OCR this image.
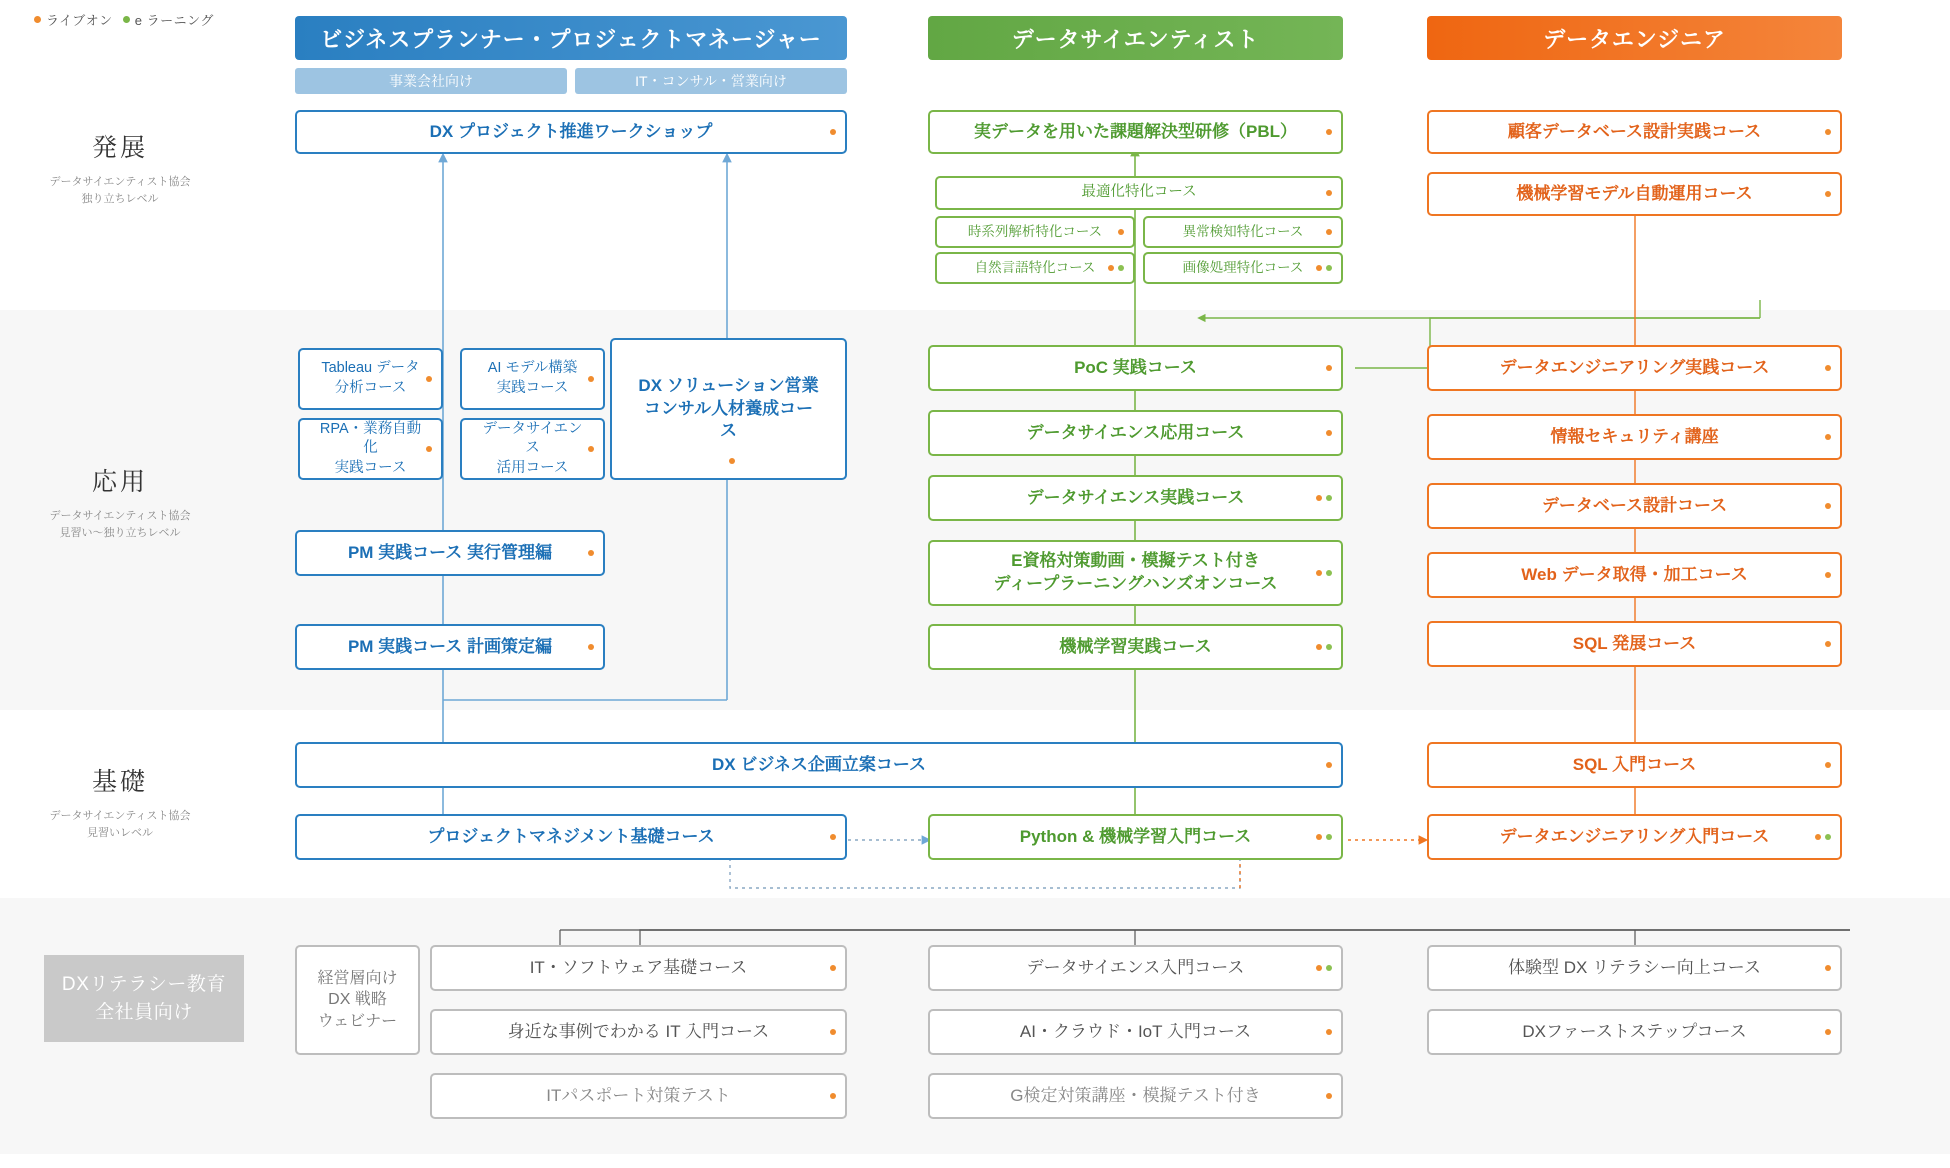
ライブオン e ラーニング
ビジネスプランナー・プロジェクトマネージャー
事業会社向け	IT・コンサル・営業向け
データサイエンティスト	データエンジニア
発展
データサイエンティスト協会
独り立ちレベル
応用
データサイエンティスト協会
見習い〜独り立ちレベル
基礎
データサイエンティスト協会
見習いレベル
DXリテラシー教育
全社員向け
DX プロジェクト推進ワークショップ	実データを用いた課題解決型研修（PBL）
最適化特化コース
時系列解析特化コース	異常検知特化コース
自然言語特化コース	画像処理特化コース
顧客データベース設計実践コース
機械学習モデル自動運用コース
Tableau データ
分析コース
AI モデル構築
実践コース
RPA・業務自動化
実践コース
データサイエンス
活用コース
DX ソリューション営業
コンサル人材養成コース
PM 実践コース 実行管理編
PM 実践コース 計画策定編
PoC 実践コース
データサイエンス応用コース
データサイエンス実践コース
E資格対策動画・模擬テスト付き
ディープラーニングハンズオンコース
機械学習実践コース
データエンジニアリング実践コース
情報セキュリティ講座
データベース設計コース
Web データ取得・加工コース
SQL 発展コース
DX ビジネス企画立案コース	SQL 入門コース
プロジェクトマネジメント基礎コース	Python & 機械学習入門コース	データエンジニアリング入門コース
経営層向け
DX 戦略
ウェビナー
IT・ソフトウェア基礎コース
身近な事例でわかる IT 入門コース
ITパスポート対策テスト
データサイエンス入門コース
AI・クラウド・IoT 入門コース
G検定対策講座・模擬テスト付き
体験型 DX リテラシー向上コース
DXファーストステップコース
